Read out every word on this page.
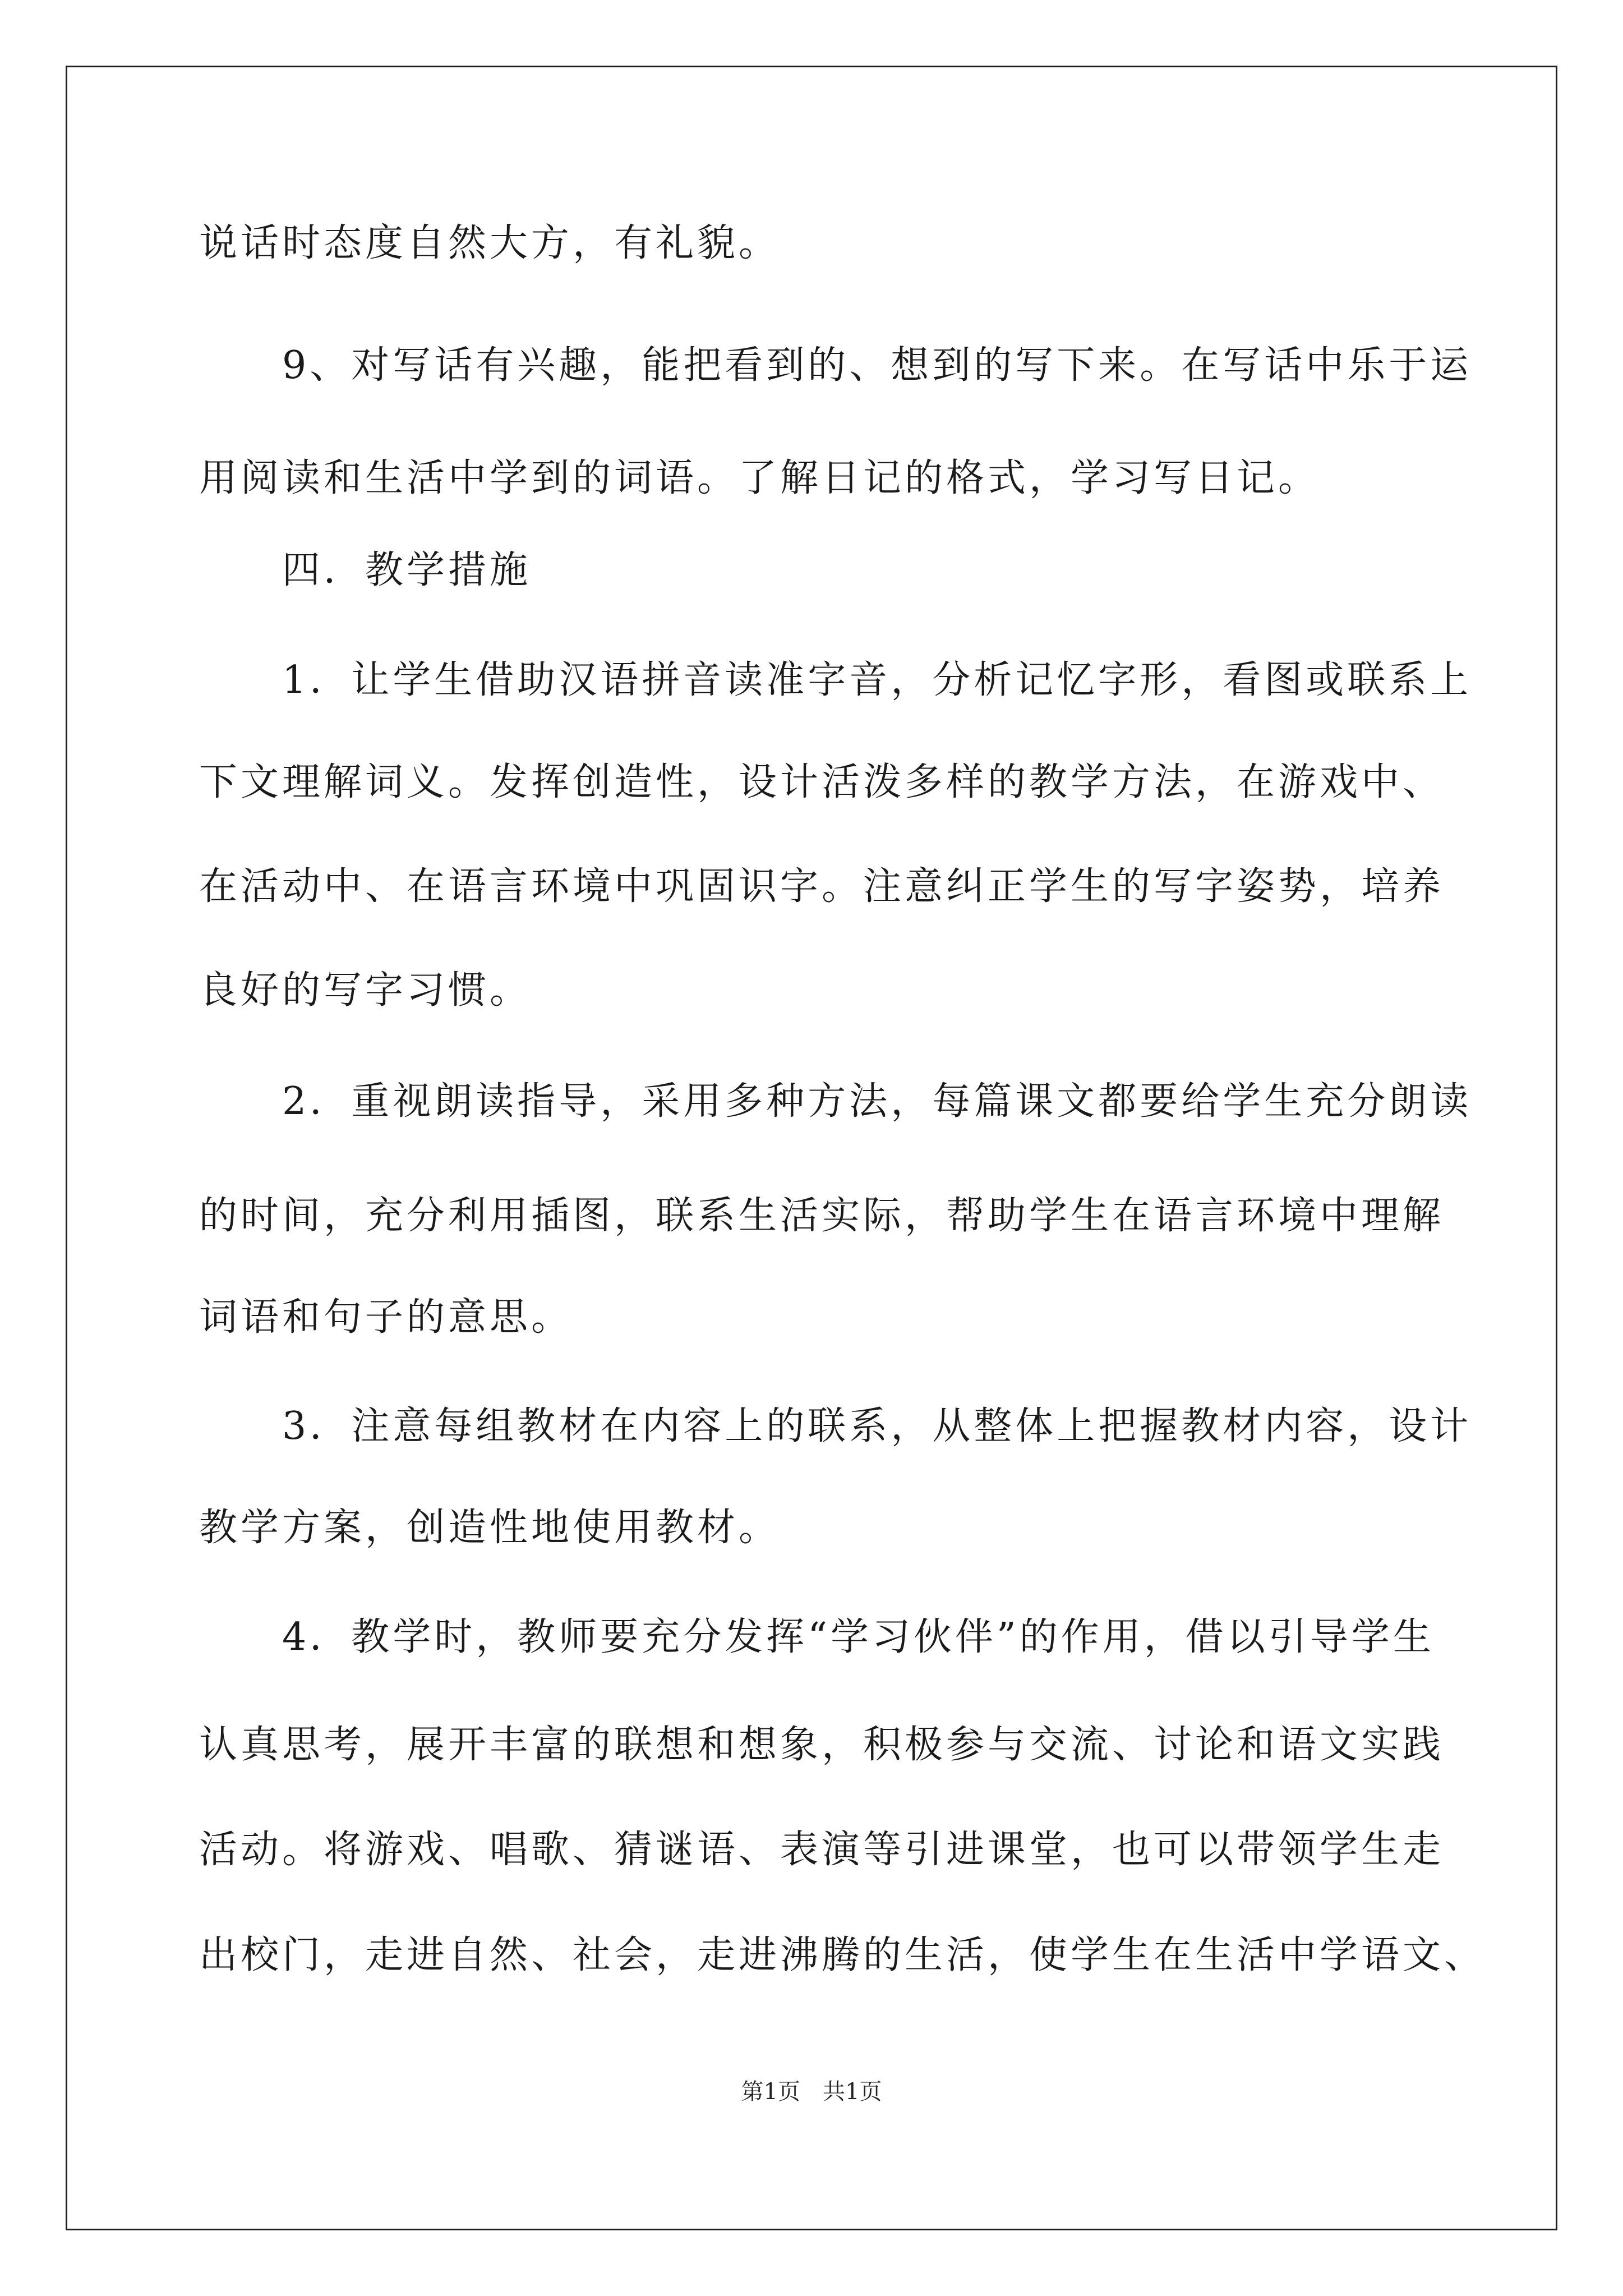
说话时态度自然大方，有礼貌。
　　9、对写话有兴趣，能把看到的、想到的写下来。在写话中乐于运
用阅读和生活中学到的词语。了解日记的格式，学习写日记。
　　四．教学措施
　　1．让学生借助汉语拼音读准字音，分析记忆字形，看图或联系上
下文理解词义。发挥创造性，设计活泼多样的教学方法，在游戏中、
在活动中、在语言环境中巩固识字。注意纠正学生的写字姿势，培养
良好的写字习惯。
　　2．重视朗读指导，采用多种方法，每篇课文都要给学生充分朗读
的时间，充分利用插图，联系生活实际，帮助学生在语言环境中理解
词语和句子的意思。
　　3．注意每组教材在内容上的联系，从整体上把握教材内容，设计
教学方案，创造性地使用教材。
　　4．教学时，教师要充分发挥“学习伙伴”的作用，借以引导学生
认真思考，展开丰富的联想和想象，积极参与交流、讨论和语文实践
活动。将游戏、唱歌、猜谜语、表演等引进课堂，也可以带领学生走
出校门，走进自然、社会，走进沸腾的生活，使学生在生活中学语文、
第1页　共1页
